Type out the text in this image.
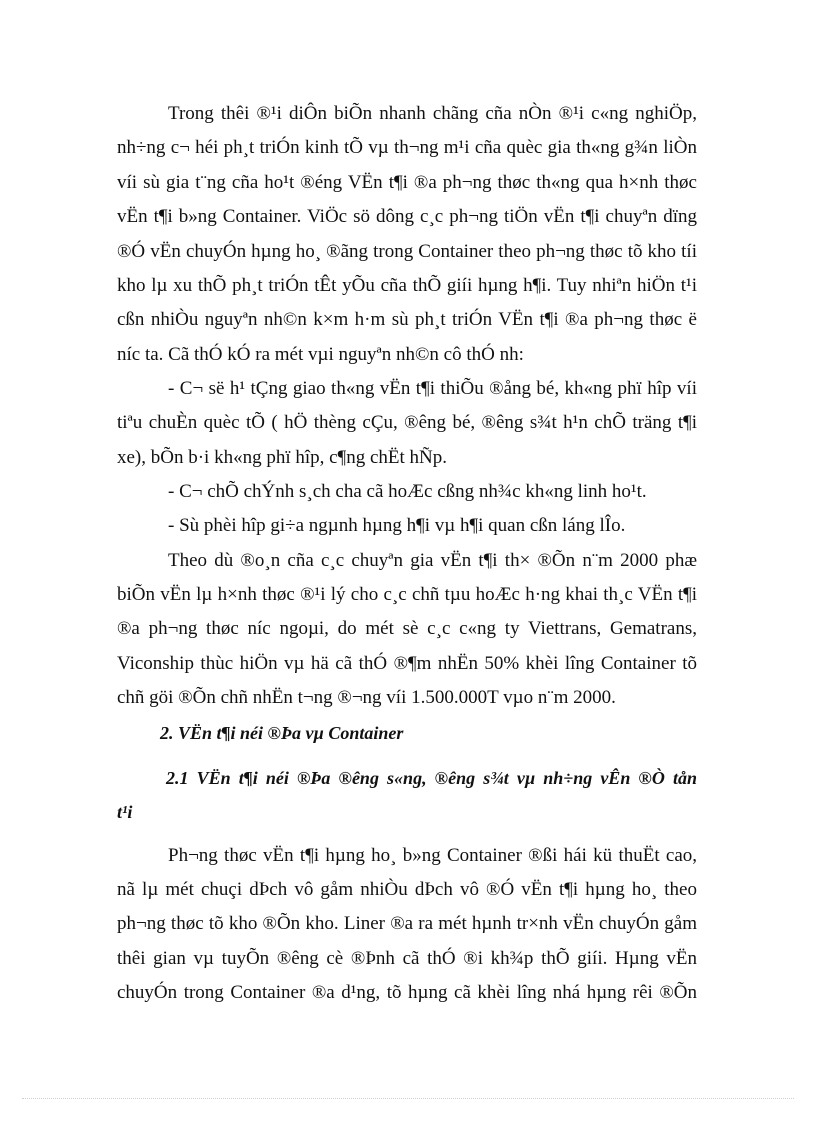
Trong thêi ®¹i diÔn biÕn nhanh chãng cña nÒn ®¹i c«ng nghiÖp,
nh÷ng c¬ héi ph¸t triÓn kinh tÕ vµ th¬ng m¹i cña quèc gia th«ng g¾n liÒn
víi sù gia t¨ng cña ho¹t ®éng VËn t¶i ®a ph¬ng thøc th«ng qua h×nh thøc
vËn t¶i b»ng Container. ViÖc sö dông c¸c ph¬ng tiÖn vËn t¶i chuyªn dïng
®Ó vËn chuyÓn hµng ho¸ ®ãng trong Container theo ph¬ng thøc tõ kho tíi
kho lµ xu thÕ ph¸t triÓn tÊt yÕu cña thÕ giíi hµng h¶i. Tuy nhiªn hiÖn t¹i
cßn nhiÒu nguyªn nh©n k×m h·m sù ph¸t triÓn VËn t¶i ®a ph¬ng thøc ë
níc ta. Cã thÓ kÓ ra mét vµi nguyªn nh©n cô thÓ nh:
- C¬ së h¹ tÇng giao th«ng vËn t¶i thiÕu ®ång bé, kh«ng phï hîp víi
tiªu chuÈn quèc tÕ ( hÖ thèng cÇu, ®êng bé, ®êng s¾t h¹n chÕ träng t¶i
xe), bÕn b·i kh«ng phï hîp, c¶ng chËt hÑp.
- C¬ chÕ chÝnh s¸ch cha cã hoÆc cßng nh¾c kh«ng linh ho¹t.
- Sù phèi hîp gi÷a ngµnh hµng h¶i vµ h¶i quan cßn láng lÎo.
Theo dù ®o¸n cña c¸c chuyªn gia vËn t¶i th× ®Õn n¨m 2000 phæ
biÕn vËn lµ h×nh thøc ®¹i lý cho c¸c chñ tµu hoÆc h·ng khai th¸c VËn t¶i
®a ph¬ng thøc níc ngoµi, do mét sè c¸c c«ng ty Viettrans, Gematrans,
Viconship thùc hiÖn vµ hä cã thÓ ®¶m nhËn 50% khèi lîng Container tõ
chñ göi ®Õn chñ nhËn t¬ng ®¬ng víi 1.500.000T vµo n¨m 2000.
2. VËn t¶i néi ®Þa vµ Container
2.1 VËn t¶i néi ®Þa ®êng s«ng, ®êng s¾t vµ nh÷ng vÊn ®Ò tån
t¹i
Ph¬ng thøc vËn t¶i hµng ho¸ b»ng Container ®ßi hái kü thuËt cao,
nã lµ mét chuçi dÞch vô gåm nhiÒu dÞch vô ®Ó vËn t¶i hµng ho¸ theo
ph¬ng thøc tõ kho ®Õn kho. Liner ®a ra mét hµnh tr×nh vËn chuyÓn gåm
thêi gian vµ tuyÕn ®êng cè ®Þnh cã thÓ ®i kh¾p thÕ giíi. Hµng vËn
chuyÓn trong Container ®a d¹ng, tõ hµng cã khèi lîng nhá hµng rêi ®Õn
